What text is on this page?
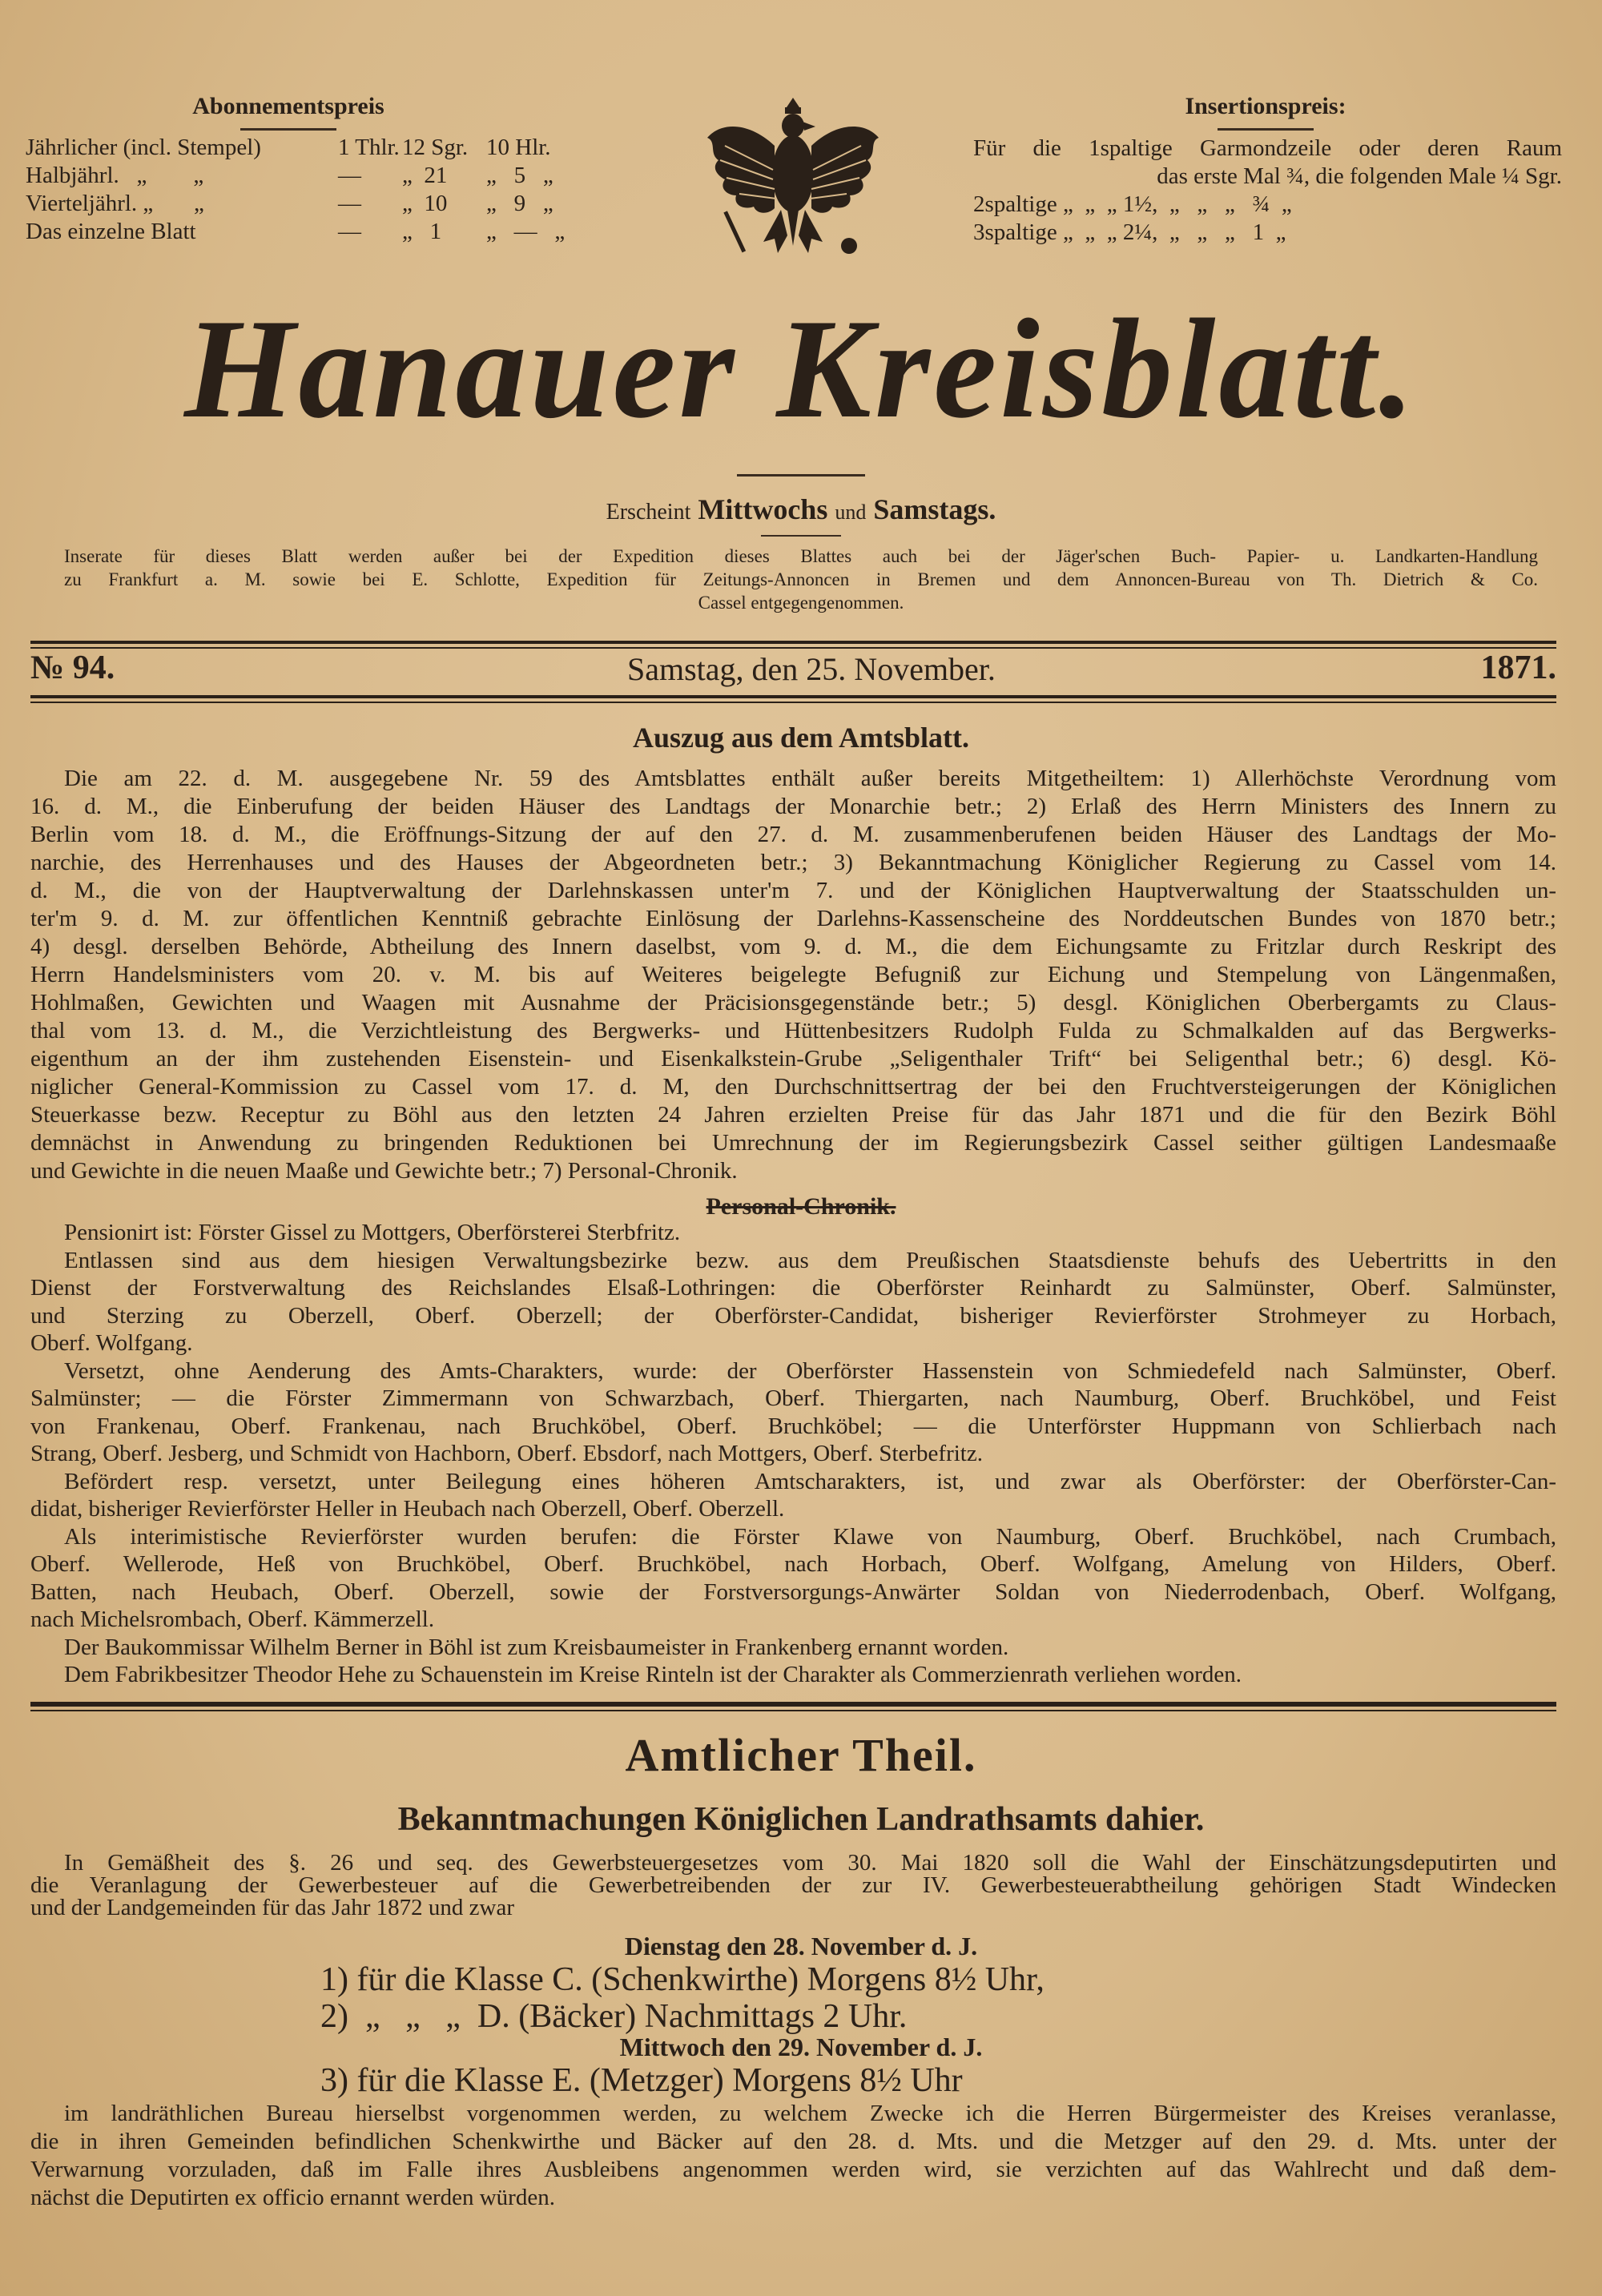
Abonnementspreis
Jährlicher (incl. Stempel)	1 Thlr. 12 Sgr. 10 Hlr.
Halbjährl.   „        „	— „  21 „   5   „
Vierteljährl. „       „	— „  10 „   9   „
Das einzelne Blatt	— „   1 „   —   „
Insertionspreis:
Für die 1spaltige Garmondzeile oder deren Raum
das erste Mal ¾, die folgenden Male ¼ Sgr.
2spaltige „  „  „ 1½,  „   „   „   ¾  „
3spaltige „  „  „ 2¼,  „   „   „   1  „
Hanauer Kreisblatt.
Erscheint Mittwochs und Samstags.
Inserate für dieses Blatt werden außer bei der Expedition dieses Blattes auch bei der Jäger'schen Buch- Papier- u. Landkarten-Handlung
zu Frankfurt a. M. sowie bei E. Schlotte, Expedition für Zeitungs-Annoncen in Bremen und dem Annoncen-Bureau von Th. Dietrich & Co.
Cassel entgegengenommen.
№ 94.	Samstag, den 25. November.	1871.
Auszug aus dem Amtsblatt.
Die am 22. d. M. ausgegebene Nr. 59 des Amtsblattes enthält außer bereits Mitgetheiltem: 1) Allerhöchste Verordnung vom
16. d. M., die Einberufung der beiden Häuser des Landtags der Monarchie betr.; 2) Erlaß des Herrn Ministers des Innern zu
Berlin vom 18. d. M., die Eröffnungs-Sitzung der auf den 27. d. M. zusammenberufenen beiden Häuser des Landtags der Mo-
narchie, des Herrenhauses und des Hauses der Abgeordneten betr.; 3) Bekanntmachung Königlicher Regierung zu Cassel vom 14.
d. M., die von der Hauptverwaltung der Darlehnskassen unter'm 7. und der Königlichen Hauptverwaltung der Staatsschulden un-
ter'm 9. d. M. zur öffentlichen Kenntniß gebrachte Einlösung der Darlehns-Kassenscheine des Norddeutschen Bundes von 1870 betr.;
4) desgl. derselben Behörde, Abtheilung des Innern daselbst, vom 9. d. M., die dem Eichungsamte zu Fritzlar durch Reskript des
Herrn Handelsministers vom 20. v. M. bis auf Weiteres beigelegte Befugniß zur Eichung und Stempelung von Längenmaßen,
Hohlmaßen, Gewichten und Waagen mit Ausnahme der Präcisionsgegenstände betr.; 5) desgl. Königlichen Oberbergamts zu Claus-
thal vom 13. d. M., die Verzichtleistung des Bergwerks- und Hüttenbesitzers Rudolph Fulda zu Schmalkalden auf das Bergwerks-
eigenthum an der ihm zustehenden Eisenstein- und Eisenkalkstein-Grube „Seligenthaler Trift“ bei Seligenthal betr.; 6) desgl. Kö-
niglicher General-Kommission zu Cassel vom 17. d. M, den Durchschnittsertrag der bei den Fruchtversteigerungen der Königlichen
Steuerkasse bezw. Receptur zu Böhl aus den letzten 24 Jahren erzielten Preise für das Jahr 1871 und die für den Bezirk Böhl
demnächst in Anwendung zu bringenden Reduktionen bei Umrechnung der im Regierungsbezirk Cassel seither gültigen Landesmaaße
und Gewichte in die neuen Maaße und Gewichte betr.; 7) Personal-Chronik.
Personal-Chronik.
Pensionirt ist: Förster Gissel zu Mottgers, Oberförsterei Sterbfritz.
Entlassen sind aus dem hiesigen Verwaltungsbezirke bezw. aus dem Preußischen Staatsdienste behufs des Uebertritts in den
Dienst der Forstverwaltung des Reichslandes Elsaß-Lothringen: die Oberförster Reinhardt zu Salmünster, Oberf. Salmünster,
und Sterzing zu Oberzell, Oberf. Oberzell; der Oberförster-Candidat, bisheriger Revierförster Strohmeyer zu Horbach,
Oberf. Wolfgang.
Versetzt, ohne Aenderung des Amts-Charakters, wurde: der Oberförster Hassenstein von Schmiedefeld nach Salmünster, Oberf.
Salmünster; — die Förster Zimmermann von Schwarzbach, Oberf. Thiergarten, nach Naumburg, Oberf. Bruchköbel, und Feist
von Frankenau, Oberf. Frankenau, nach Bruchköbel, Oberf. Bruchköbel; — die Unterförster Huppmann von Schlierbach nach
Strang, Oberf. Jesberg, und Schmidt von Hachborn, Oberf. Ebsdorf, nach Mottgers, Oberf. Sterbefritz.
Befördert resp. versetzt, unter Beilegung eines höheren Amtscharakters, ist, und zwar als Oberförster: der Oberförster-Can-
didat, bisheriger Revierförster Heller in Heubach nach Oberzell, Oberf. Oberzell.
Als interimistische Revierförster wurden berufen: die Förster Klawe von Naumburg, Oberf. Bruchköbel, nach Crumbach,
Oberf. Wellerode, Heß von Bruchköbel, Oberf. Bruchköbel, nach Horbach, Oberf. Wolfgang, Amelung von Hilders, Oberf.
Batten, nach Heubach, Oberf. Oberzell, sowie der Forstversorgungs-Anwärter Soldan von Niederrodenbach, Oberf. Wolfgang,
nach Michelsrombach, Oberf. Kämmerzell.
Der Baukommissar Wilhelm Berner in Böhl ist zum Kreisbaumeister in Frankenberg ernannt worden.
Dem Fabrikbesitzer Theodor Hehe zu Schauenstein im Kreise Rinteln ist der Charakter als Commerzienrath verliehen worden.
Amtlicher Theil.
Bekanntmachungen Königlichen Landrathsamts dahier.
In Gemäßheit des §. 26 und seq. des Gewerbsteuergesetzes vom 30. Mai 1820 soll die Wahl der Einschätzungsdeputirten und
die Veranlagung der Gewerbesteuer auf die Gewerbetreibenden der zur IV. Gewerbesteuerabtheilung gehörigen Stadt Windecken
und der Landgemeinden für das Jahr 1872 und zwar
Dienstag den 28. November d. J.
1) für die Klasse C. (Schenkwirthe) Morgens 8½ Uhr,
2)  „   „   „  D. (Bäcker) Nachmittags 2 Uhr.
Mittwoch den 29. November d. J.
3) für die Klasse E. (Metzger) Morgens 8½ Uhr
im landräthlichen Bureau hierselbst vorgenommen werden, zu welchem Zwecke ich die Herren Bürgermeister des Kreises veranlasse,
die in ihren Gemeinden befindlichen Schenkwirthe und Bäcker auf den 28. d. Mts. und die Metzger auf den 29. d. Mts. unter der
Verwarnung vorzuladen, daß im Falle ihres Ausbleibens angenommen werden wird, sie verzichten auf das Wahlrecht und daß dem-
nächst die Deputirten ex officio ernannt werden würden.
